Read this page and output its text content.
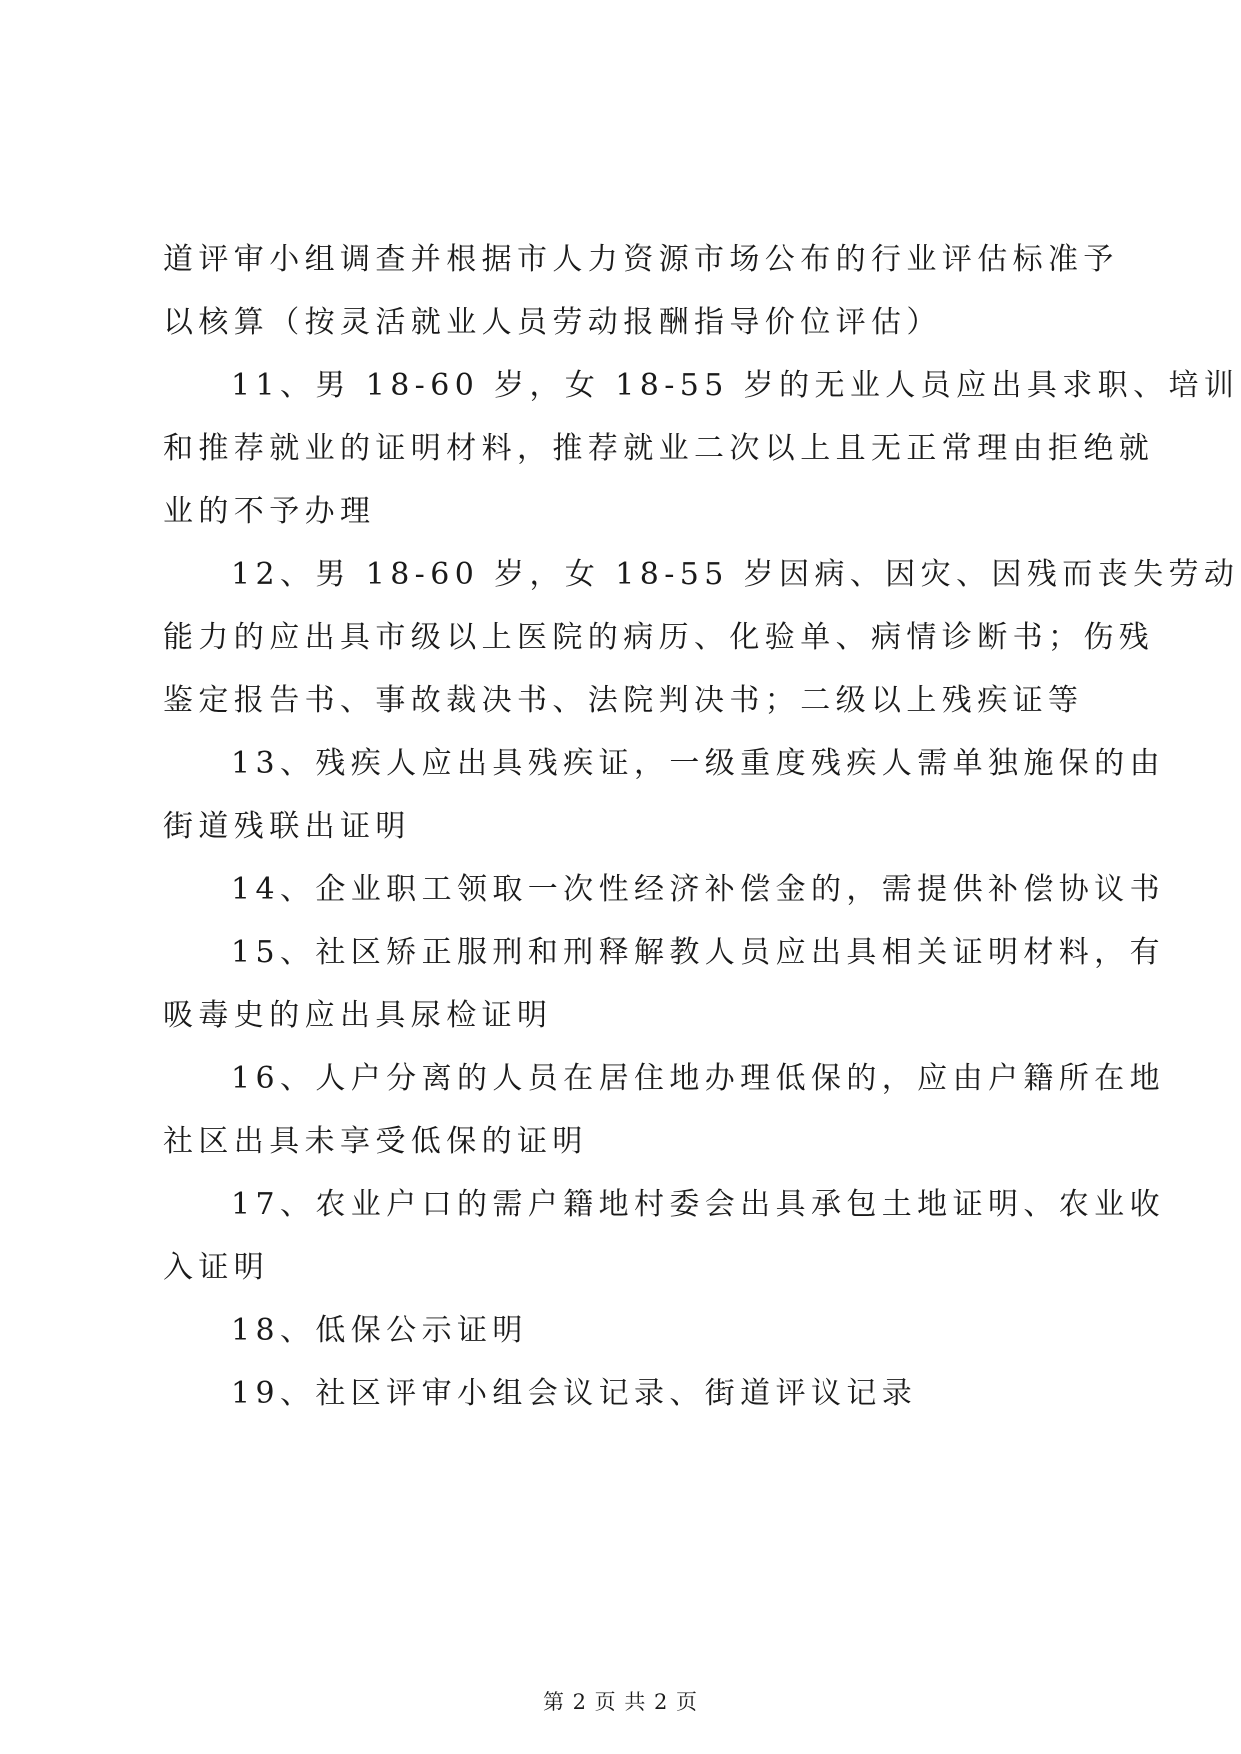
道评审小组调查并根据市人力资源市场公布的行业评估标准予
以核算（按灵活就业人员劳动报酬指导价位评估）

11、男 18-60 岁，女 18-55 岁的无业人员应出具求职、培训
和推荐就业的证明材料，推荐就业二次以上且无正常理由拒绝就
业的不予办理

12、男 18-60 岁，女 18-55 岁因病、因灾、因残而丧失劳动
能力的应出具市级以上医院的病历、化验单、病情诊断书；伤残
鉴定报告书、事故裁决书、法院判决书；二级以上残疾证等

13、残疾人应出具残疾证，一级重度残疾人需单独施保的由
街道残联出证明

14、企业职工领取一次性经济补偿金的，需提供补偿协议书

15、社区矫正服刑和刑释解教人员应出具相关证明材料，有
吸毒史的应出具尿检证明

16、人户分离的人员在居住地办理低保的，应由户籍所在地
社区出具未享受低保的证明

17、农业户口的需户籍地村委会出具承包土地证明、农业收
入证明

18、低保公示证明

19、社区评审小组会议记录、街道评议记录

第 2 页 共 2 页
